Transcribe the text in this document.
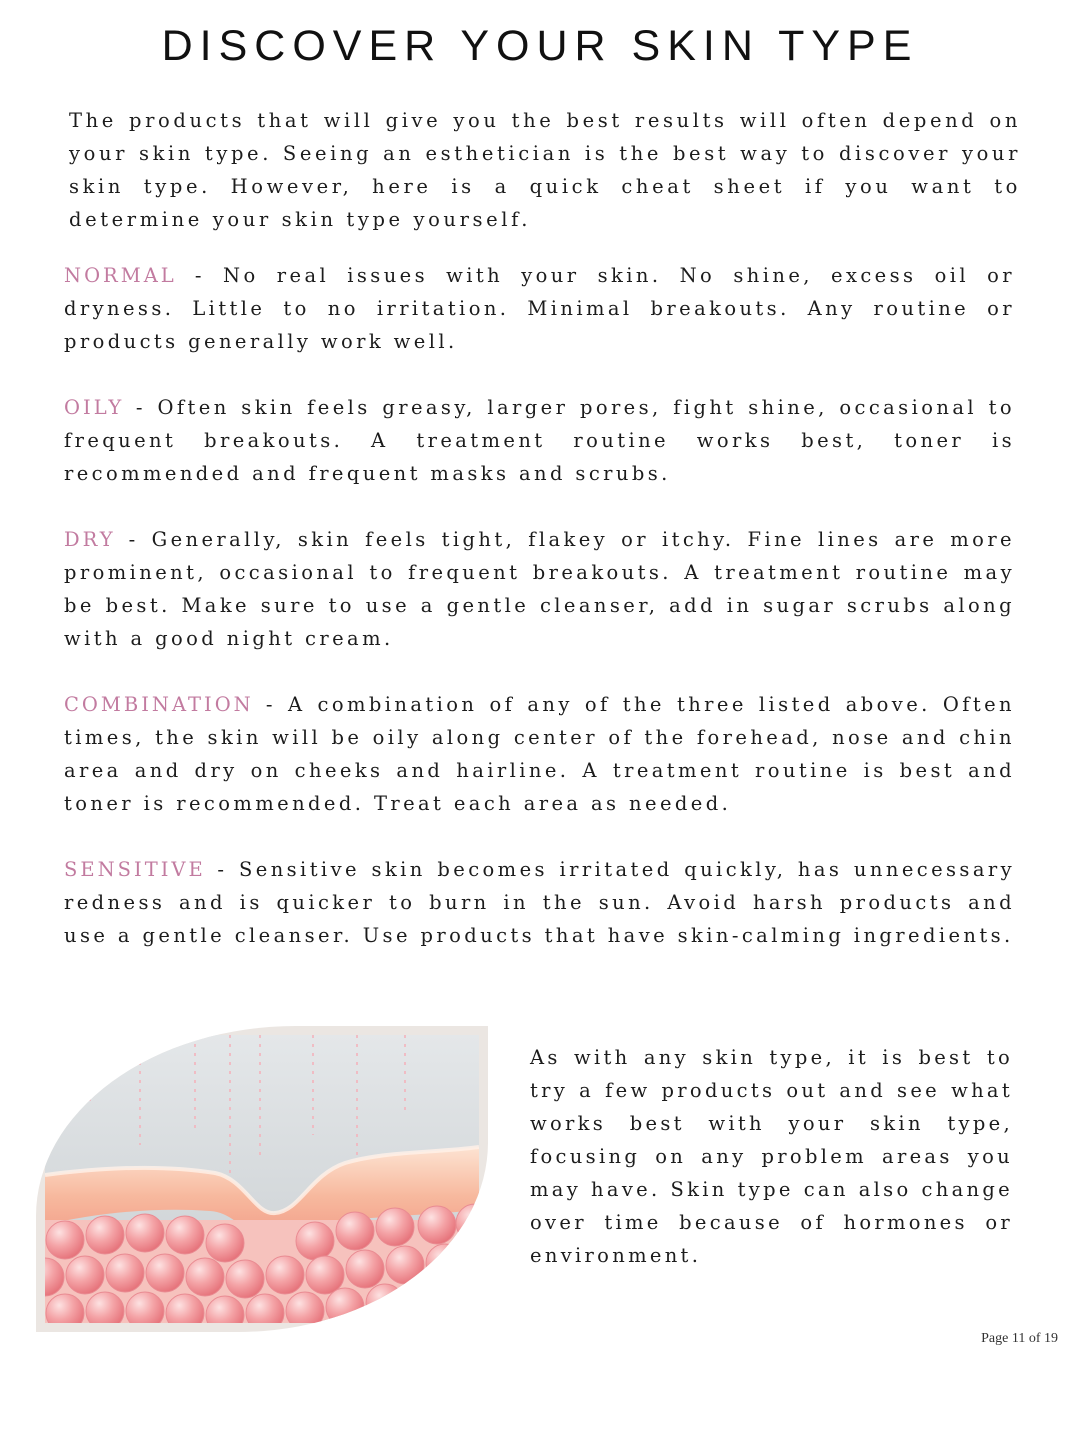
DISCOVER YOUR SKIN TYPE

The products that will give you the best results will often depend on your skin type. Seeing an esthetician is the best way to discover your skin type. However, here is a quick cheat sheet if you want to determine your skin type yourself.

NORMAL - No real issues with your skin. No shine, excess oil or dryness. Little to no irritation. Minimal breakouts. Any routine or products generally work well.

OILY - Often skin feels greasy, larger pores, fight shine, occasional to frequent breakouts. A treatment routine works best, toner is recommended and frequent masks and scrubs.

DRY - Generally, skin feels tight, flakey or itchy. Fine lines are more prominent, occasional to frequent breakouts. A treatment routine may be best. Make sure to use a gentle cleanser, add in sugar scrubs along with a good night cream.

COMBINATION - A combination of any of the three listed above. Often times, the skin will be oily along center of the forehead, nose and chin area and dry on cheeks and hairline. A treatment routine is best and toner is recommended. Treat each area as needed.

SENSITIVE - Sensitive skin becomes irritated quickly, has unnecessary redness and is quicker to burn in the sun. Avoid harsh products and use a gentle cleanser. Use products that have skin-calming ingredients.

As with any skin type, it is best to try a few products out and see what works best with your skin type, focusing on any problem areas you may have. Skin type can also change over time because of hormones or environment.

Page 11 of 19
